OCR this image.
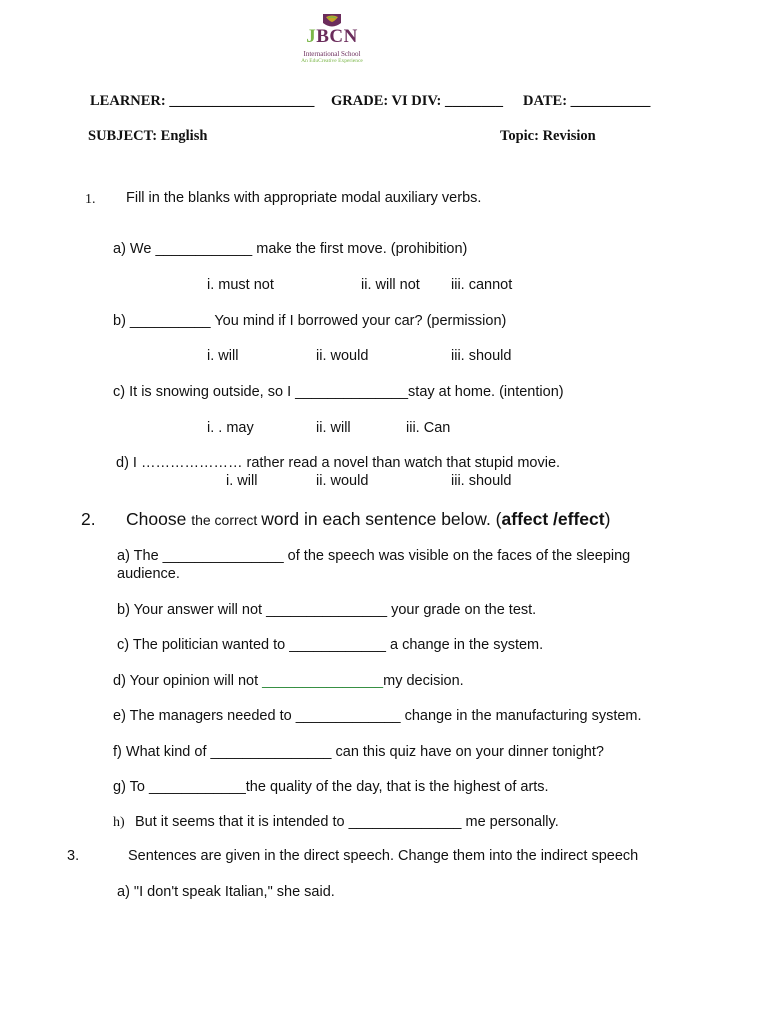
JBCN
International School
An EduCreative Experience
LEARNER: ____________________ GRADE: VI DIV: ________ DATE: ___________
SUBJECT: English	Topic: Revision
1. Fill in the blanks with appropriate modal auxiliary verbs.
a) We ____________ make the first move. (prohibition)
i. must not	ii. will not iii. cannot
b) __________ You mind if I borrowed your car? (permission)
i. will	ii. would	iii. should
c) It is snowing outside, so I ______________stay at home. (intention)
i. . may	ii. will	iii. Can
d) I ………………… rather read a novel than watch that stupid movie.
i. will	ii. would	iii. should
2. Choose the correct word in each sentence below. (affect /effect)
a) The _______________ of the speech was visible on the faces of the sleeping
audience.
b) Your answer will not _______________ your grade on the test.
c) The politician wanted to ____________ a change in the system.
d) Your opinion will not _______________my decision.
e) The managers needed to _____________ change in the manufacturing system.
f) What kind of _______________ can this quiz have on your dinner tonight?
g) To ____________the quality of the day, that is the highest of arts.
h) But it seems that it is intended to ______________ me personally.
3.	Sentences are given in the direct speech. Change them into the indirect speech
a) "I don't speak Italian," she said.
